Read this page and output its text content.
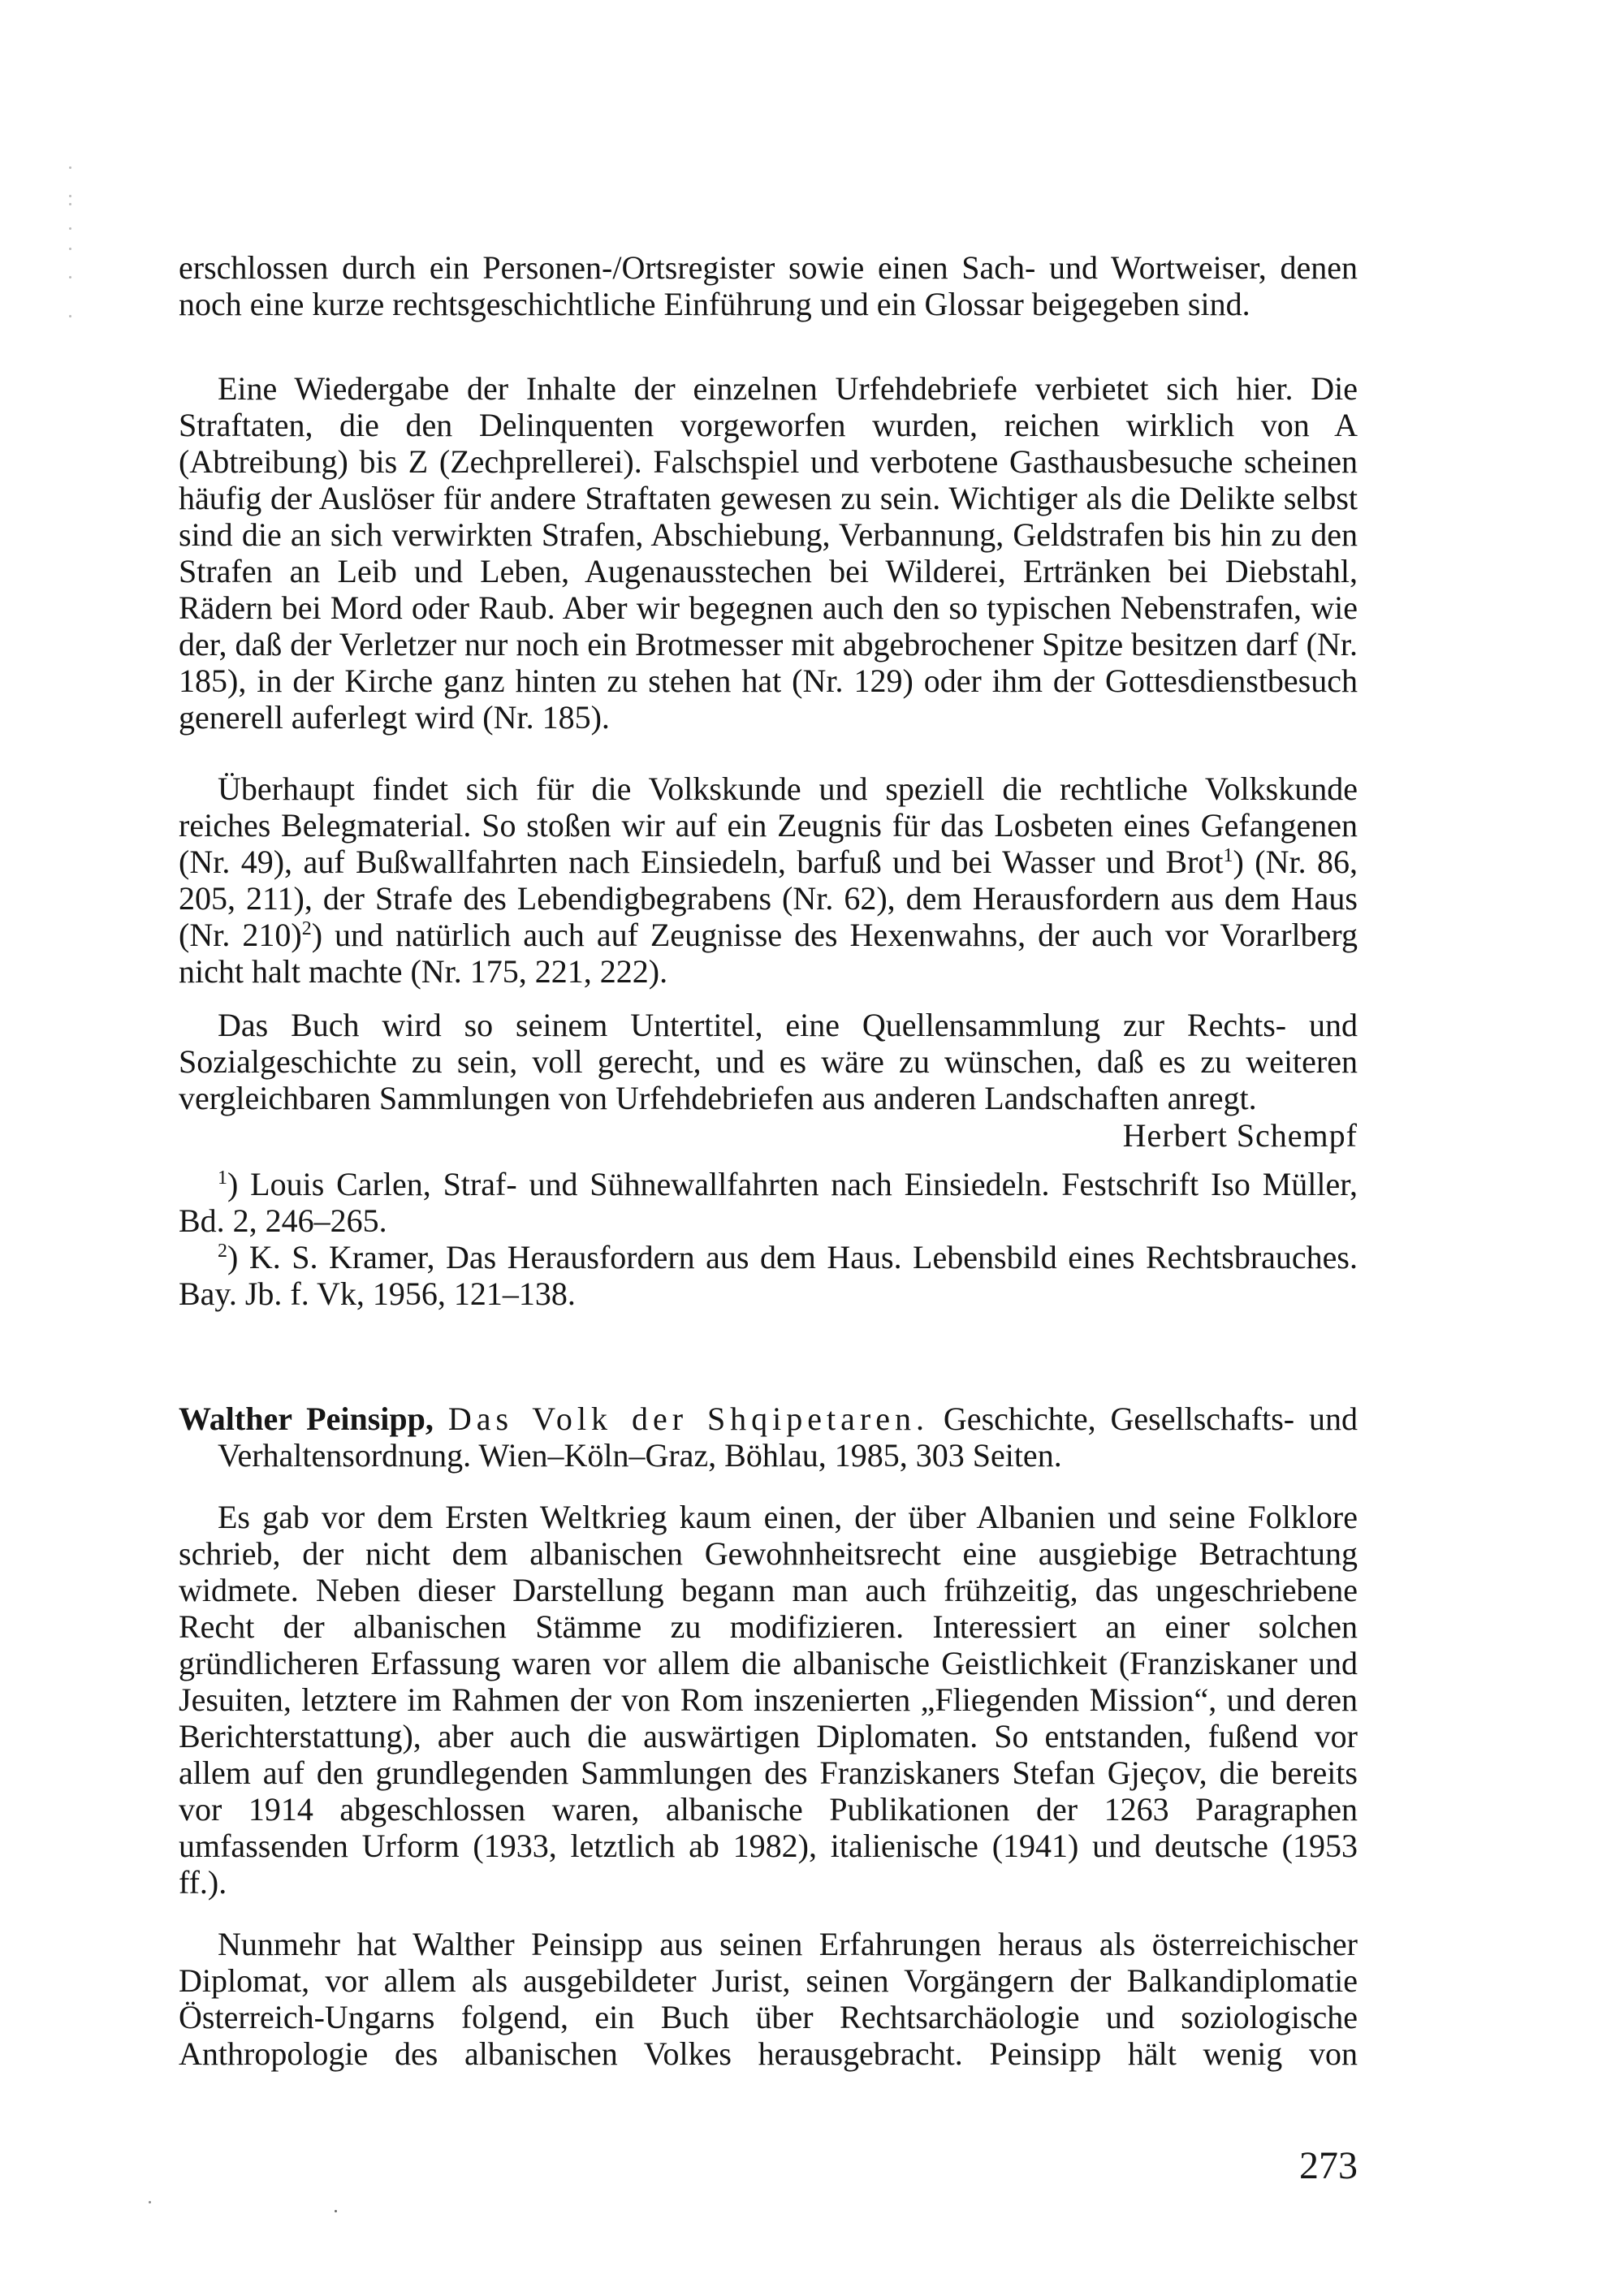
erschlossen durch ein Personen-/Ortsregister sowie einen Sach- und Wortweiser, denen noch eine kurze rechtsgeschichtliche Einführung und ein Glossar beigegeben sind.

Eine Wiedergabe der Inhalte der einzelnen Urfehdebriefe verbietet sich hier. Die Straftaten, die den Delinquenten vorgeworfen wurden, reichen wirklich von A (Abtreibung) bis Z (Zechprellerei). Falschspiel und verbotene Gasthausbesuche scheinen häufig der Auslöser für andere Straftaten gewesen zu sein. Wichtiger als die Delikte selbst sind die an sich verwirkten Strafen, Abschiebung, Verbannung, Geldstrafen bis hin zu den Strafen an Leib und Leben, Augenausstechen bei Wilderei, Ertränken bei Diebstahl, Rädern bei Mord oder Raub. Aber wir begegnen auch den so typischen Nebenstrafen, wie der, daß der Verletzer nur noch ein Brotmesser mit abgebrochener Spitze besitzen darf (Nr. 185), in der Kirche ganz hinten zu stehen hat (Nr. 129) oder ihm der Gottesdienstbesuch generell auferlegt wird (Nr. 185).

Überhaupt findet sich für die Volkskunde und speziell die rechtliche Volkskunde reiches Belegmaterial. So stoßen wir auf ein Zeugnis für das Losbeten eines Gefangenen (Nr. 49), auf Bußwallfahrten nach Einsiedeln, barfuß und bei Wasser und Brot$^1$) (Nr. 86, 205, 211), der Strafe des Lebendigbegrabens (Nr. 62), dem Herausfordern aus dem Haus (Nr. 210)$^2$) und natürlich auch auf Zeugnisse des Hexenwahns, der auch vor Vorarlberg nicht halt machte (Nr. 175, 221, 222).

Das Buch wird so seinem Untertitel, eine Quellensammlung zur Rechts- und Sozialgeschichte zu sein, voll gerecht, und es wäre zu wünschen, daß es zu weiteren vergleichbaren Sammlungen von Urfehdebriefen aus anderen Landschaften anregt.

Herbert Schempf

$^1$) Louis Carlen, Straf- und Sühnewallfahrten nach Einsiedeln. Festschrift Iso Müller, Bd. 2, 246–265.

$^2$) K. S. Kramer, Das Herausfordern aus dem Haus. Lebensbild eines Rechtsbrauches. Bay. Jb. f. Vk, 1956, 121–138.

Walther Peinsipp, Das Volk der Shqipetaren. Geschichte, Gesellschafts- und Verhaltensordnung. Wien–Köln–Graz, Böhlau, 1985, 303 Seiten.

Es gab vor dem Ersten Weltkrieg kaum einen, der über Albanien und seine Folklore schrieb, der nicht dem albanischen Gewohnheitsrecht eine ausgiebige Betrachtung widmete. Neben dieser Darstellung begann man auch frühzeitig, das ungeschriebene Recht der albanischen Stämme zu modifizieren. Interessiert an einer solchen gründlicheren Erfassung waren vor allem die albanische Geistlichkeit (Franziskaner und Jesuiten, letztere im Rahmen der von Rom inszenierten „Fliegenden Mission“, und deren Berichterstattung), aber auch die auswärtigen Diplomaten. So entstanden, fußend vor allem auf den grundlegenden Sammlungen des Franziskaners Stefan Gjeçov, die bereits vor 1914 abgeschlossen waren, albanische Publikationen der 1263 Paragraphen umfassenden Urform (1933, letztlich ab 1982), italienische (1941) und deutsche (1953 ff.).

Nunmehr hat Walther Peinsipp aus seinen Erfahrungen heraus als österreichischer Diplomat, vor allem als ausgebildeter Jurist, seinen Vorgängern der Balkandiplomatie Österreich-Ungarns folgend, ein Buch über Rechtsarchäologie und soziologische Anthropologie des albanischen Volkes herausgebracht. Peinsipp hält wenig von

273
